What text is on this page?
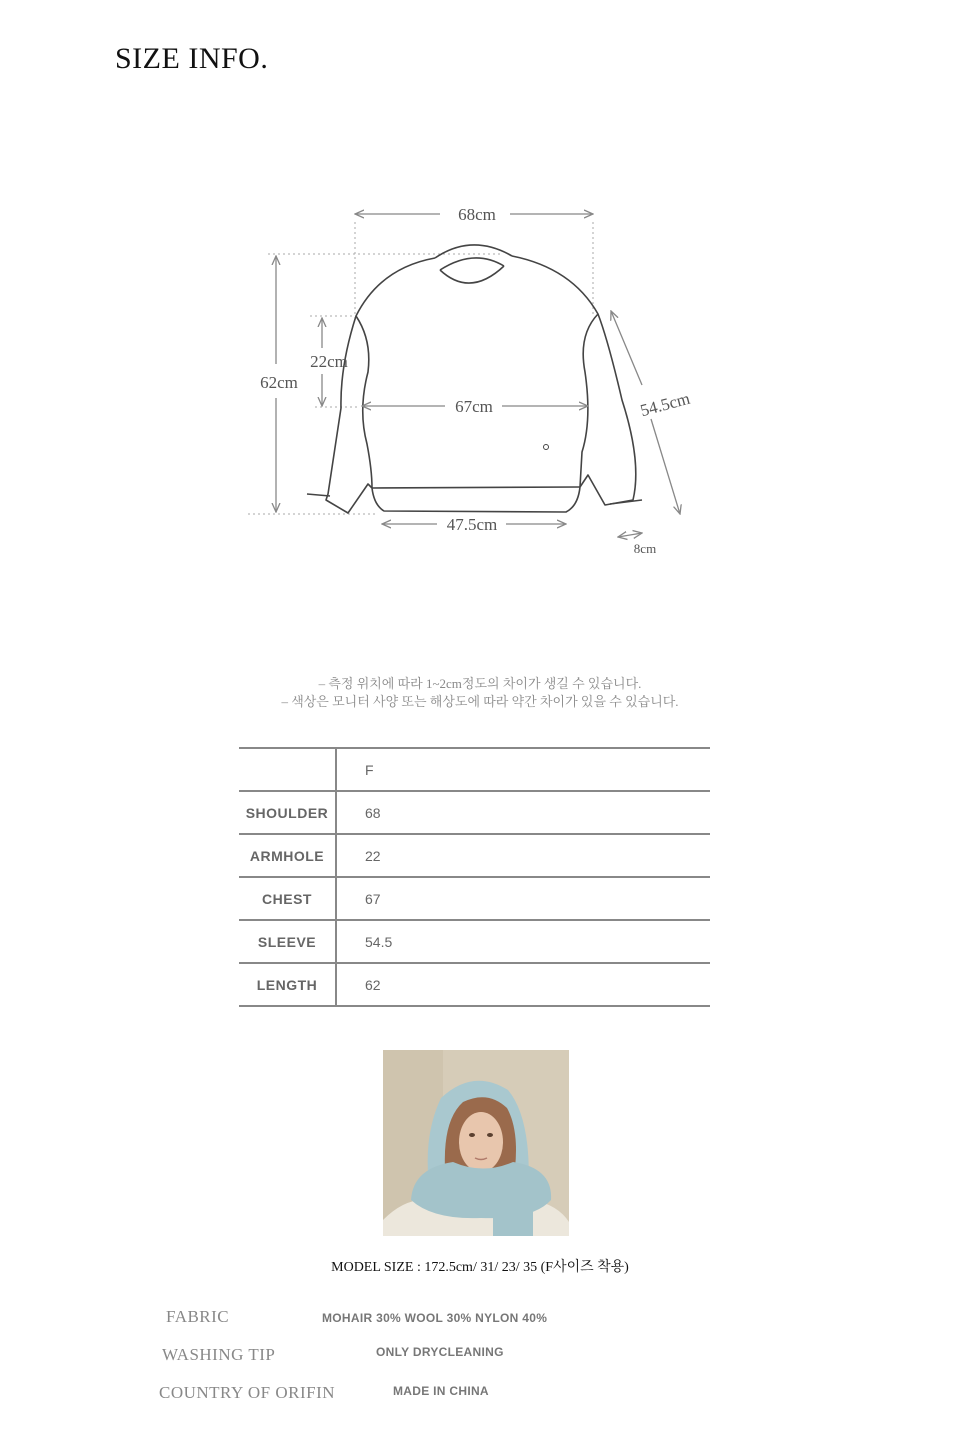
SIZE INFO.
68cm
62cm
22cm
67cm	54.5cm
47.5cm
8cm
– 측정 위치에 따라 1~2cm정도의 차이가 생길 수 있습니다.
– 색상은 모니터 사양 또는 해상도에 따라 약간 차이가 있을 수 있습니다.
	F
SHOULDER	68
ARMHOLE	22
CHEST	67
SLEEVE	54.5
LENGTH	62
MODEL SIZE : 172.5cm/ 31/ 23/ 35 (F사이즈 착용)
FABRIC	MOHAIR 30% WOOL 30% NYLON 40%
WASHING TIP	ONLY DRYCLEANING
COUNTRY OF ORIFIN	MADE IN CHINA
